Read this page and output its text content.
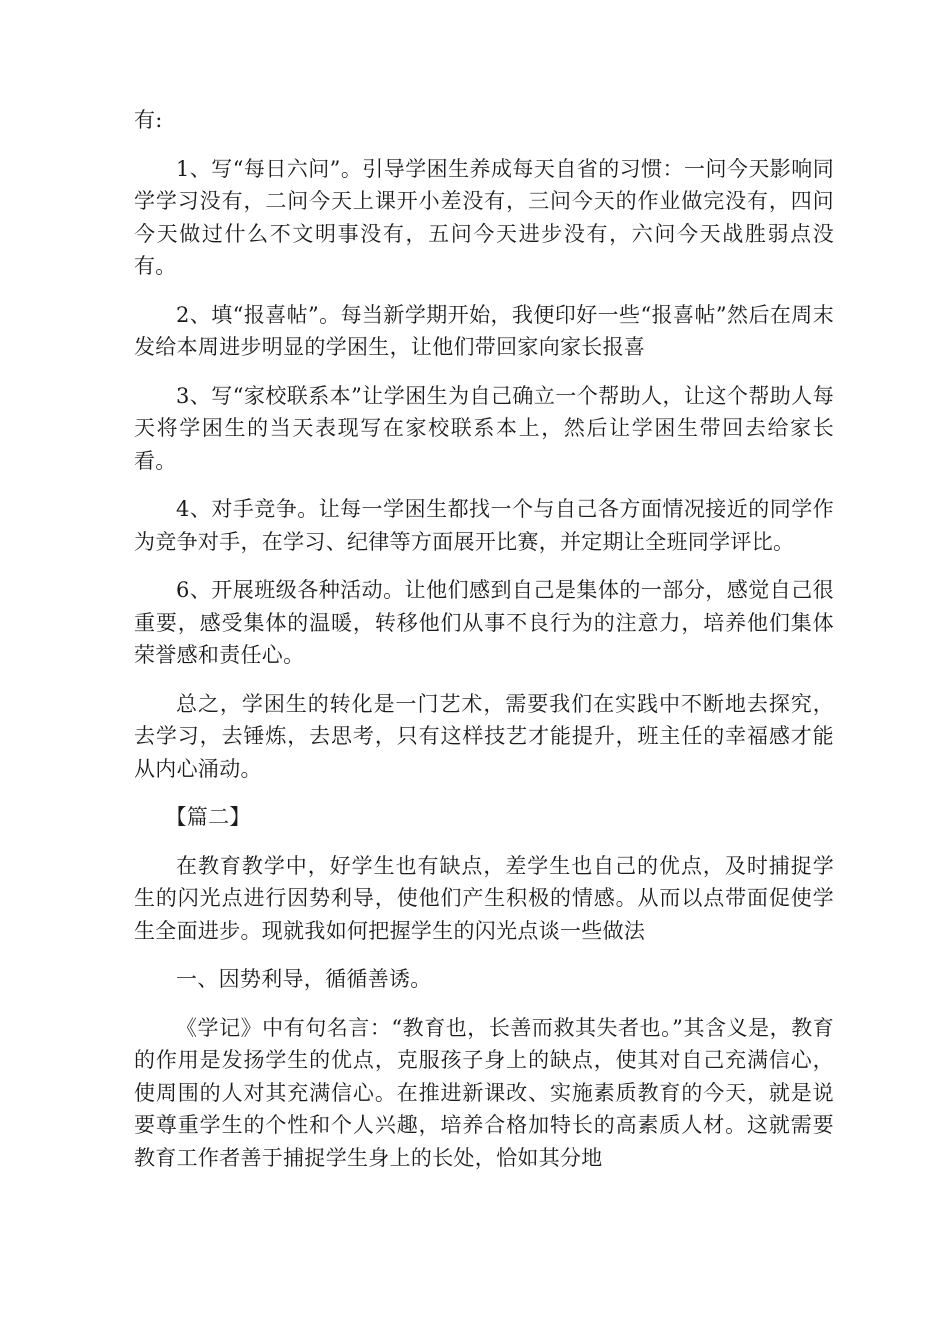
有:

1、写“每日六问”。引导学困生养成每天自省的习惯：一问今天影响同学学习没有，二问今天上课开小差没有，三问今天的作业做完没有，四问今天做过什么不文明事没有，五问今天进步没有，六问今天战胜弱点没有。

2、填“报喜帖”。每当新学期开始，我便印好一些“报喜帖”然后在周末发给本周进步明显的学困生，让他们带回家向家长报喜

3、写“家校联系本”让学困生为自己确立一个帮助人，让这个帮助人每天将学困生的当天表现写在家校联系本上，然后让学困生带回去给家长看。

4、对手竞争。让每一学困生都找一个与自己各方面情况接近的同学作为竞争对手，在学习、纪律等方面展开比赛，并定期让全班同学评比。

6、开展班级各种活动。让他们感到自己是集体的一部分，感觉自己很重要，感受集体的温暖，转移他们从事不良行为的注意力，培养他们集体荣誉感和责任心。

总之，学困生的转化是一门艺术，需要我们在实践中不断地去探究，去学习，去锤炼，去思考，只有这样技艺才能提升，班主任的幸福感才能从内心涌动。

【篇二】

在教育教学中，好学生也有缺点，差学生也自己的优点，及时捕捉学生的闪光点进行因势利导，使他们产生积极的情感。从而以点带面促使学生全面进步。现就我如何把握学生的闪光点谈一些做法

一、因势利导，循循善诱。

《学记》中有句名言：“教育也，长善而救其失者也。”其含义是，教育的作用是发扬学生的优点，克服孩子身上的缺点，使其对自己充满信心，使周围的人对其充满信心。在推进新课改、实施素质教育的今天，就是说要尊重学生的个性和个人兴趣，培养合格加特长的高素质人材。这就需要教育工作者善于捕捉学生身上的长处，恰如其分地
